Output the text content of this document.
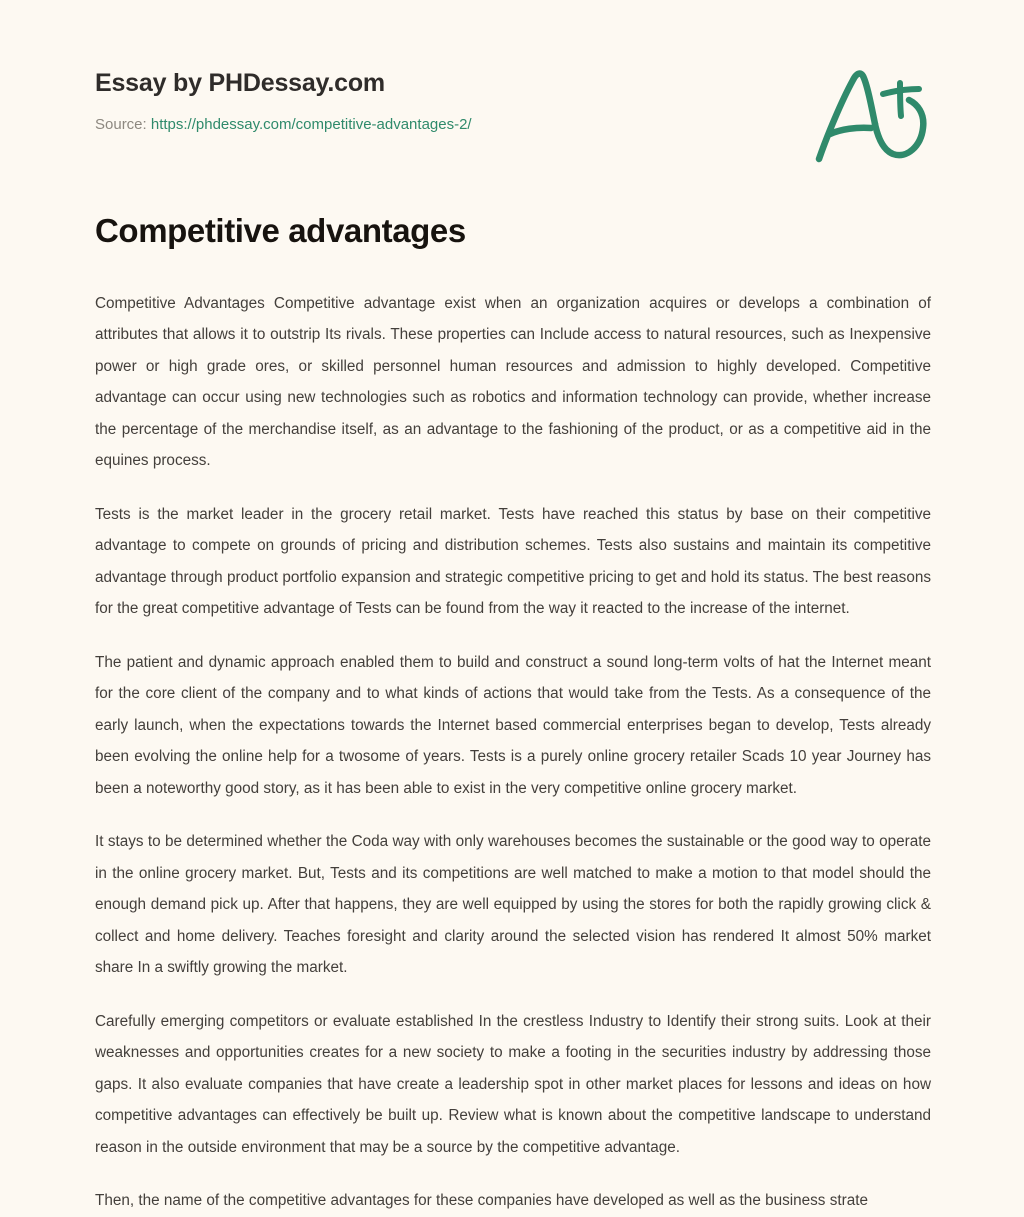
Essay by PHDessay.com
Source: https://phdessay.com/competitive-advantages-2/
Competitive advantages

Competitive Advantages Competitive advantage exist when an organization acquires or develops a combination of attributes that allows it to outstrip Its rivals. These properties can Include access to natural resources, such as Inexpensive power or high grade ores, or skilled personnel human resources and admission to highly developed. Competitive advantage can occur using new technologies such as robotics and information technology can provide, whether increase the percentage of the merchandise itself, as an advantage to the fashioning of the product, or as a competitive aid in the equines process.

Tests is the market leader in the grocery retail market. Tests have reached this status by base on their competitive advantage to compete on grounds of pricing and distribution schemes. Tests also sustains and maintain its competitive advantage through product portfolio expansion and strategic competitive pricing to get and hold its status. The best reasons for the great competitive advantage of Tests can be found from the way it reacted to the increase of the internet.

The patient and dynamic approach enabled them to build and construct a sound long-term volts of hat the Internet meant for the core client of the company and to what kinds of actions that would take from the Tests. As a consequence of the early launch, when the expectations towards the Internet based commercial enterprises began to develop, Tests already been evolving the online help for a twosome of years. Tests is a purely online grocery retailer Scads 10 year Journey has been a noteworthy good story, as it has been able to exist in the very competitive online grocery market.

It stays to be determined whether the Coda way with only warehouses becomes the sustainable or the good way to operate in the online grocery market. But, Tests and its competitions are well matched to make a motion to that model should the enough demand pick up. After that happens, they are well equipped by using the stores for both the rapidly growing click & collect and home delivery. Teaches foresight and clarity around the selected vision has rendered It almost 50% market share In a swiftly growing the market.

Carefully emerging competitors or evaluate established In the crestless Industry to Identify their strong suits. Look at their weaknesses and opportunities creates for a new society to make a footing in the securities industry by addressing those gaps. It also evaluate companies that have create a leadership spot in other market places for lessons and ideas on how competitive advantages can effectively be built up. Review what is known about the competitive landscape to understand reason in the outside environment that may be a source by the competitive advantage.

Then, the name of the competitive advantages for these companies have developed as well as the business strate
